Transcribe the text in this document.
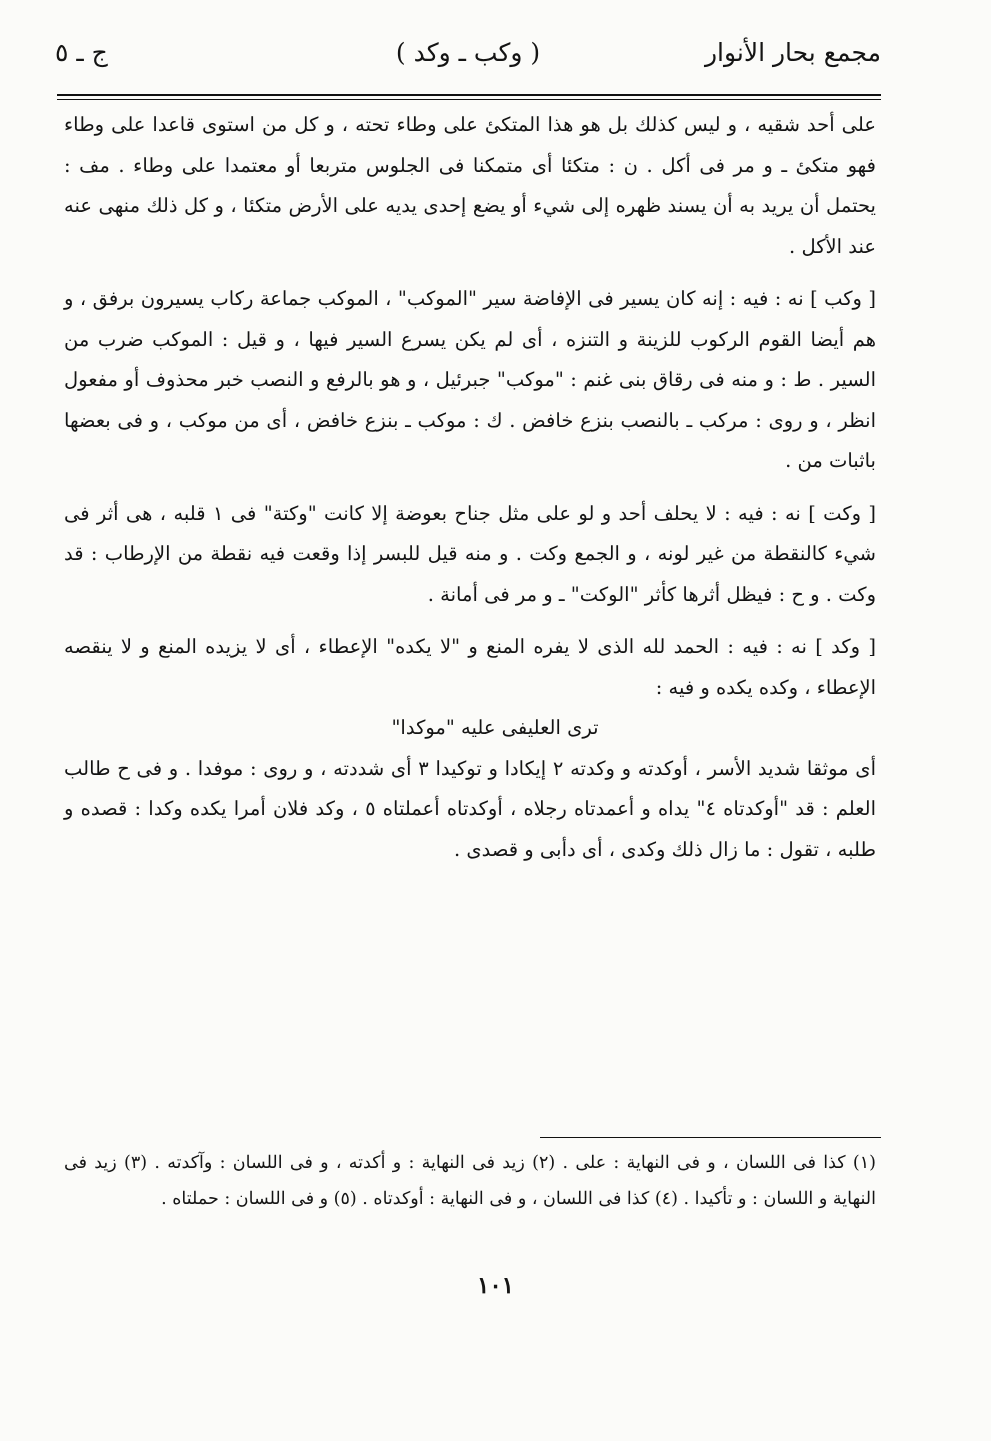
مجمع بحار الأنوار
( وكب ـ وكد )
ج ـ ٥

على أحد شقيه ، و ليس كذلك بل هو هذا المتكئ على وطاء تحته ، و كل من استوى قاعدا على وطاء فهو متكئ ـ و مر فى أكل . ن : متكئا أى متمكنا فى الجلوس متربعا أو معتمدا على وطاء . مف : يحتمل أن يريد به أن يسند ظهره إلى شيء أو يضع إحدى يديه على الأرض متكئا ، و كل ذلك منهى عنه عند الأكل .

[ وكب ] نه : فيه : إنه كان يسير فى الإفاضة سير "الموكب" ، الموكب جماعة ركاب يسيرون برفق ، و هم أيضا القوم الركوب للزينة و التنزه ، أى لم يكن يسرع السير فيها ، و قيل : الموكب ضرب من السير . ط : و منه فى رقاق بنى غنم : "موكب" جبرئيل ، و هو بالرفع و النصب خبر محذوف أو مفعول انظر ، و روى : مركب ـ بالنصب بنزع خافض . ك : موكب ـ بنزع خافض ، أى من موكب ، و فى بعضها باثبات من .

[ وكت ] نه : فيه : لا يحلف أحد و لو على مثل جناح بعوضة إلا كانت "وكتة" فى ١ قلبه ، هى أثر فى شيء كالنقطة من غير لونه ، و الجمع وكت . و منه قيل للبسر إذا وقعت فيه نقطة من الإرطاب : قد وكت . و ح : فيظل أثرها كأثر "الوكت" ـ و مر فى أمانة .

[ وكد ] نه : فيه : الحمد لله الذى لا يفره المنع و "لا يكده" الإعطاء ، أى لا يزيده المنع و لا ينقصه الإعطاء ، وكده يكده و فيه :

ترى العليفى عليه "موكدا"

أى موثقا شديد الأسر ، أوكدته و وكدته ٢ إيكادا و توكيدا ٣ أى شددته ، و روى : موفدا . و فى ح طالب العلم : قد "أوكدتاه ٤" يداه و أعمدتاه رجلاه ، أوكدتاه أعملتاه ٥ ، وكد فلان أمرا يكده وكدا : قصده و طلبه ، تقول : ما زال ذلك وكدى ، أى دأبى و قصدى .

(١) كذا فى اللسان ، و فى النهاية : على . (٢) زيد فى النهاية : و أكدته ، و فى اللسان : وآكدته . (٣) زيد فى النهاية و اللسان : و تأكيدا . (٤) كذا فى اللسان ، و فى النهاية : أوكدتاه . (٥) و فى اللسان : حملتاه .

١٠١
